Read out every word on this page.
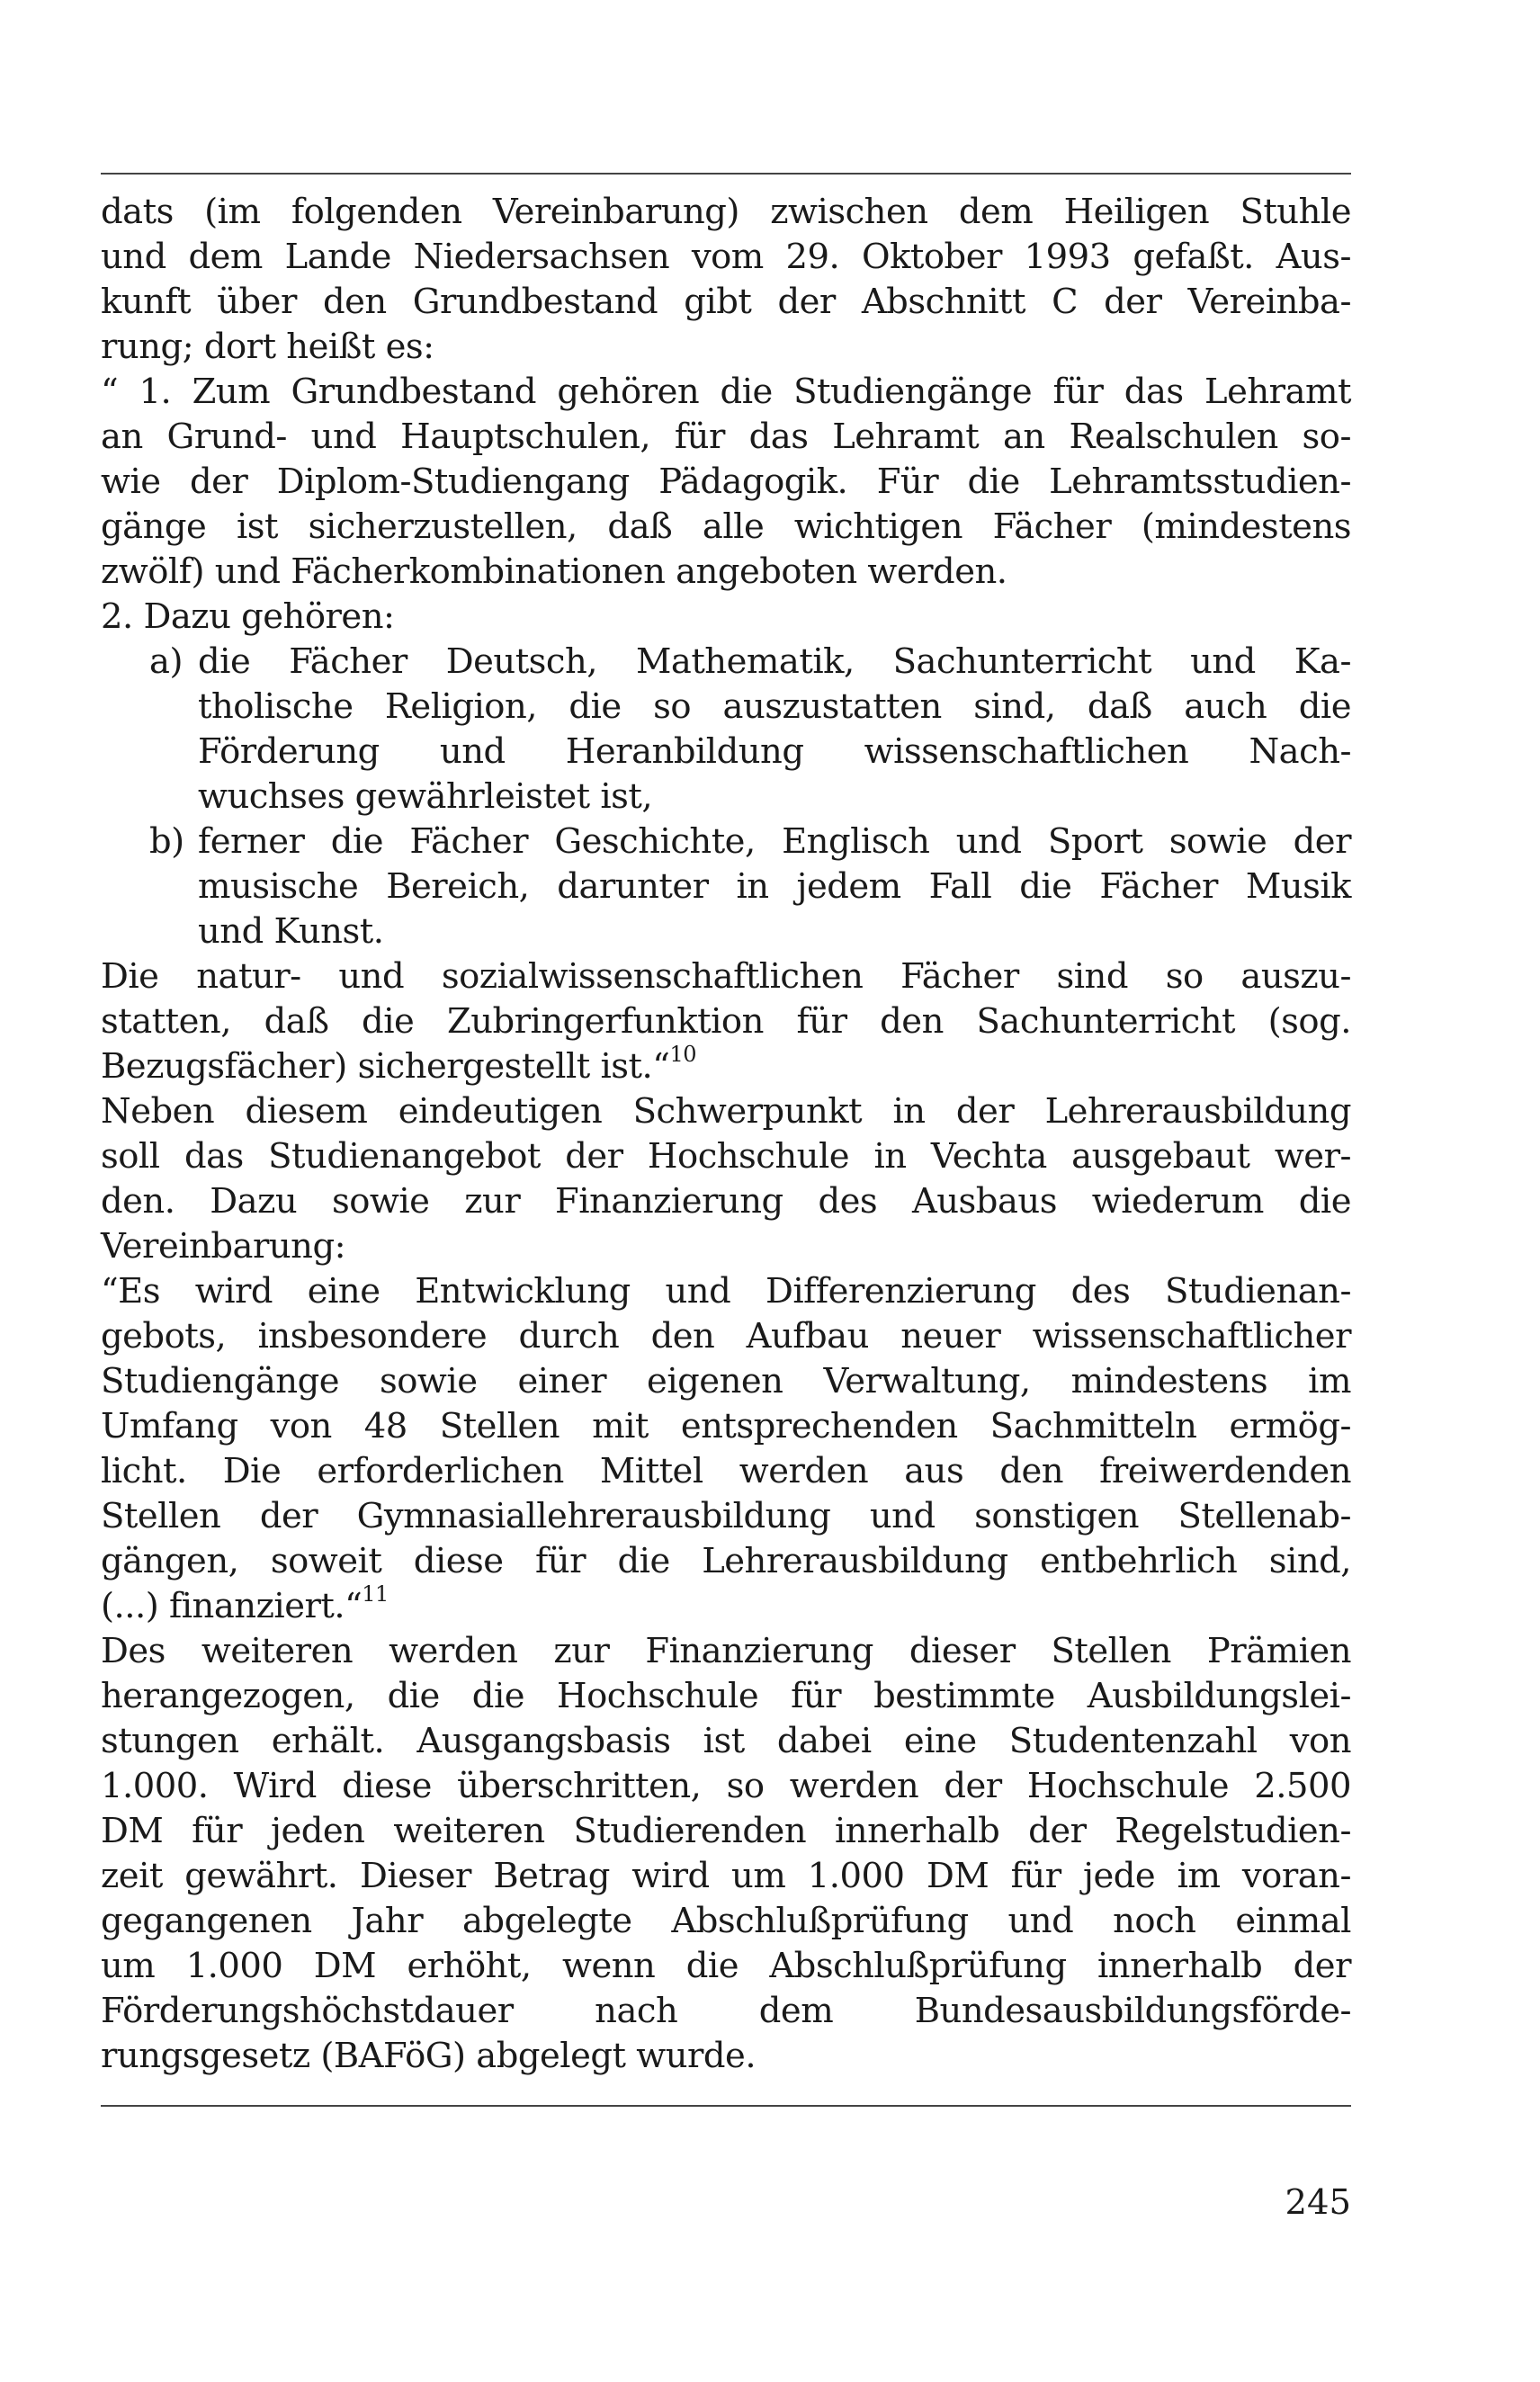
dats (im folgenden Vereinbarung) zwischen dem Heiligen Stuhle
und dem Lande Niedersachsen vom 29. Oktober 1993 gefaßt. Aus-
kunft über den Grundbestand gibt der Abschnitt C der Vereinba-
rung; dort heißt es:
“ 1. Zum Grundbestand gehören die Studiengänge für das Lehramt
an Grund- und Hauptschulen, für das Lehramt an Realschulen so-
wie der Diplom-Studiengang Pädagogik. Für die Lehramtsstudien-
gänge ist sicherzustellen, daß alle wichtigen Fächer (mindestens
zwölf) und Fächerkombinationen angeboten werden.
2. Dazu gehören:
a) die Fächer Deutsch, Mathematik, Sachunterricht und Ka-
tholische Religion, die so auszustatten sind, daß auch die
Förderung und Heranbildung wissenschaftlichen Nach-
wuchses gewährleistet ist,
b) ferner die Fächer Geschichte, Englisch und Sport sowie der
musische Bereich, darunter in jedem Fall die Fächer Musik
und Kunst.
Die natur- und sozialwissenschaftlichen Fächer sind so auszu-
statten, daß die Zubringerfunktion für den Sachunterricht (sog.
Bezugsfächer) sichergestellt ist.“$^{10}$
Neben diesem eindeutigen Schwerpunkt in der Lehrerausbildung
soll das Studienangebot der Hochschule in Vechta ausgebaut wer-
den. Dazu sowie zur Finanzierung des Ausbaus wiederum die
Vereinbarung:
“Es wird eine Entwicklung und Differenzierung des Studienan-
gebots, insbesondere durch den Aufbau neuer wissenschaftlicher
Studiengänge sowie einer eigenen Verwaltung, mindestens im
Umfang von 48 Stellen mit entsprechenden Sachmitteln ermög-
licht. Die erforderlichen Mittel werden aus den freiwerdenden
Stellen der Gymnasiallehrerausbildung und sonstigen Stellenab-
gängen, soweit diese für die Lehrerausbildung entbehrlich sind,
(...) finanziert.“$^{11}$
Des weiteren werden zur Finanzierung dieser Stellen Prämien
herangezogen, die die Hochschule für bestimmte Ausbildungslei-
stungen erhält. Ausgangsbasis ist dabei eine Studentenzahl von
1.000. Wird diese überschritten, so werden der Hochschule 2.500
DM für jeden weiteren Studierenden innerhalb der Regelstudien-
zeit gewährt. Dieser Betrag wird um 1.000 DM für jede im voran-
gegangenen Jahr abgelegte Abschlußprüfung und noch einmal
um 1.000 DM erhöht, wenn die Abschlußprüfung innerhalb der
Förderungshöchstdauer nach dem Bundesausbildungsförde-
rungsgesetz (BAFöG) abgelegt wurde.
245
